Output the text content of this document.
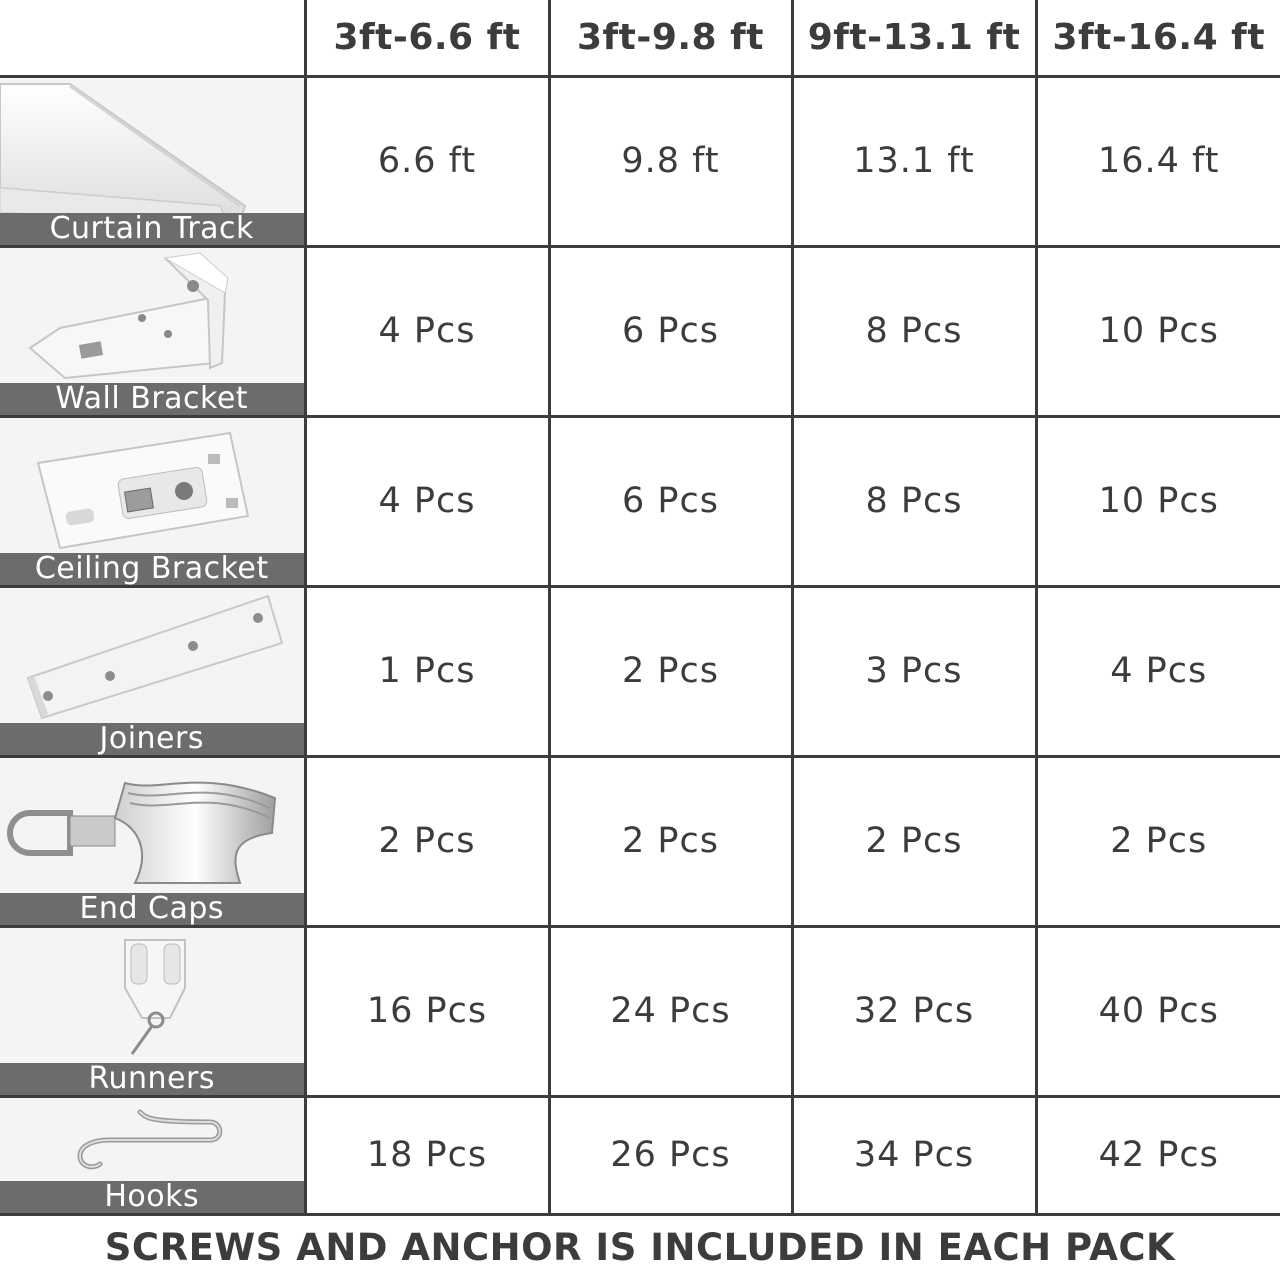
	3ft-6.6 ft	3ft-9.8 ft	9ft-13.1 ft	3ft-16.4 ft

Curtain Track	6.6 ft	9.8 ft	13.1 ft	16.4 ft

Wall Bracket	4 Pcs	6 Pcs	8 Pcs	10 Pcs

Ceiling Bracket	4 Pcs	6 Pcs	8 Pcs	10 Pcs

Joiners	1 Pcs	2 Pcs	3 Pcs	4 Pcs

End Caps	2 Pcs	2 Pcs	2 Pcs	2 Pcs

Runners	16 Pcs	24 Pcs	32 Pcs	40 Pcs

Hooks	18 Pcs	26 Pcs	34 Pcs	42 Pcs
SCREWS AND ANCHOR IS INCLUDED IN EACH PACK
